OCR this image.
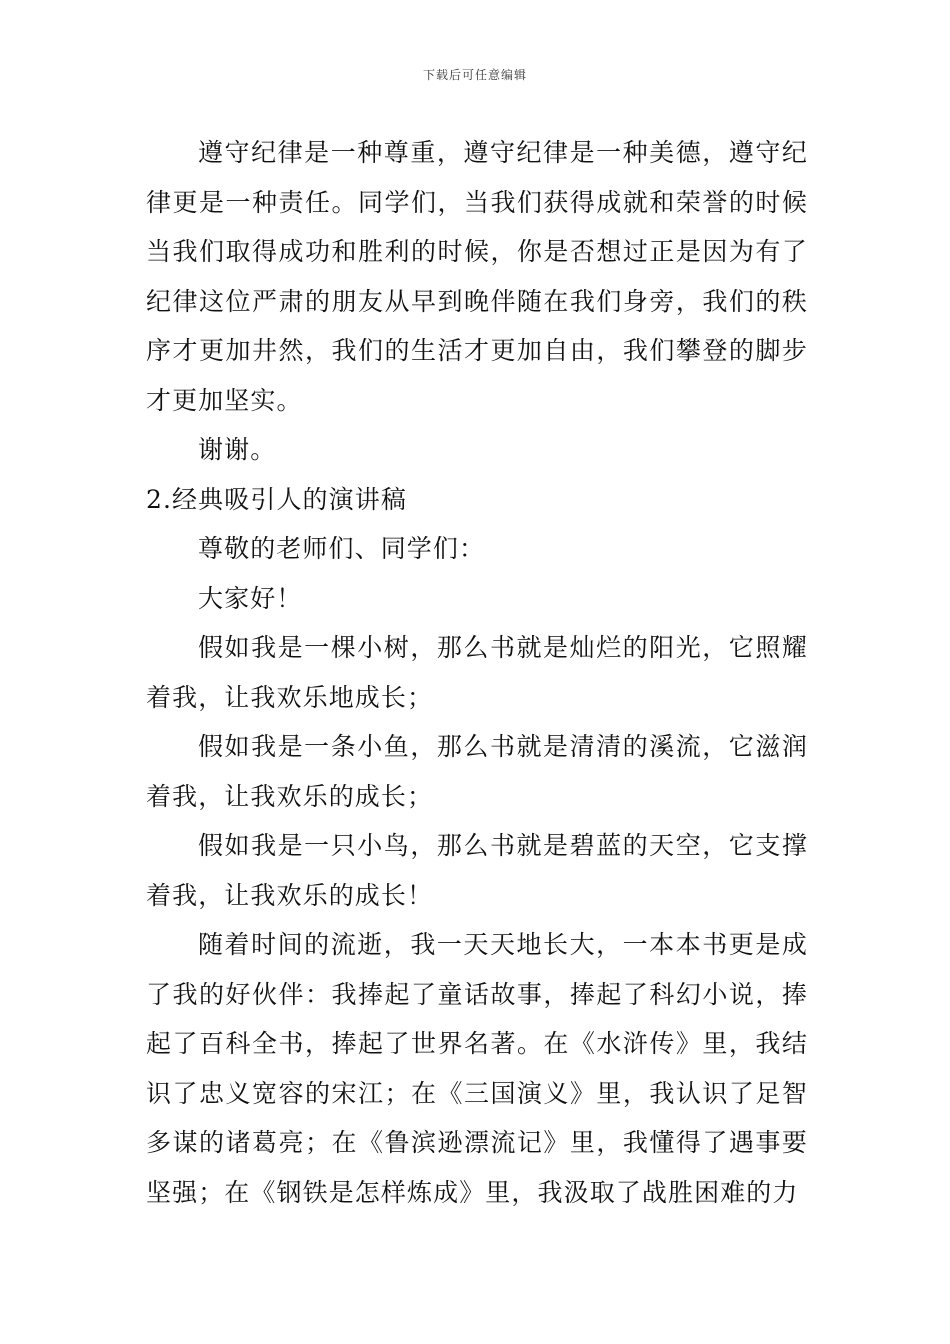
下载后可任意编辑

遵守纪律是一种尊重，遵守纪律是一种美德，遵守纪律更是一种责任。同学们，当我们获得成就和荣誉的时候当我们取得成功和胜利的时候，你是否想过正是因为有了纪律这位严肃的朋友从早到晚伴随在我们身旁，我们的秩序才更加井然，我们的生活才更加自由，我们攀登的脚步才更加坚实。

谢谢。

2.经典吸引人的演讲稿

尊敬的老师们、同学们：

大家好！

假如我是一棵小树，那么书就是灿烂的阳光，它照耀着我，让我欢乐地成长；

假如我是一条小鱼，那么书就是清清的溪流，它滋润着我，让我欢乐的成长；

假如我是一只小鸟，那么书就是碧蓝的天空，它支撑着我，让我欢乐的成长！

随着时间的流逝，我一天天地长大，一本本书更是成了我的好伙伴：我捧起了童话故事，捧起了科幻小说，捧起了百科全书，捧起了世界名著。在《水浒传》里，我结识了忠义宽容的宋江；在《三国演义》里，我认识了足智多谋的诸葛亮；在《鲁滨逊漂流记》里，我懂得了遇事要坚强；在《钢铁是怎样炼成》里，我汲取了战胜困难的力
